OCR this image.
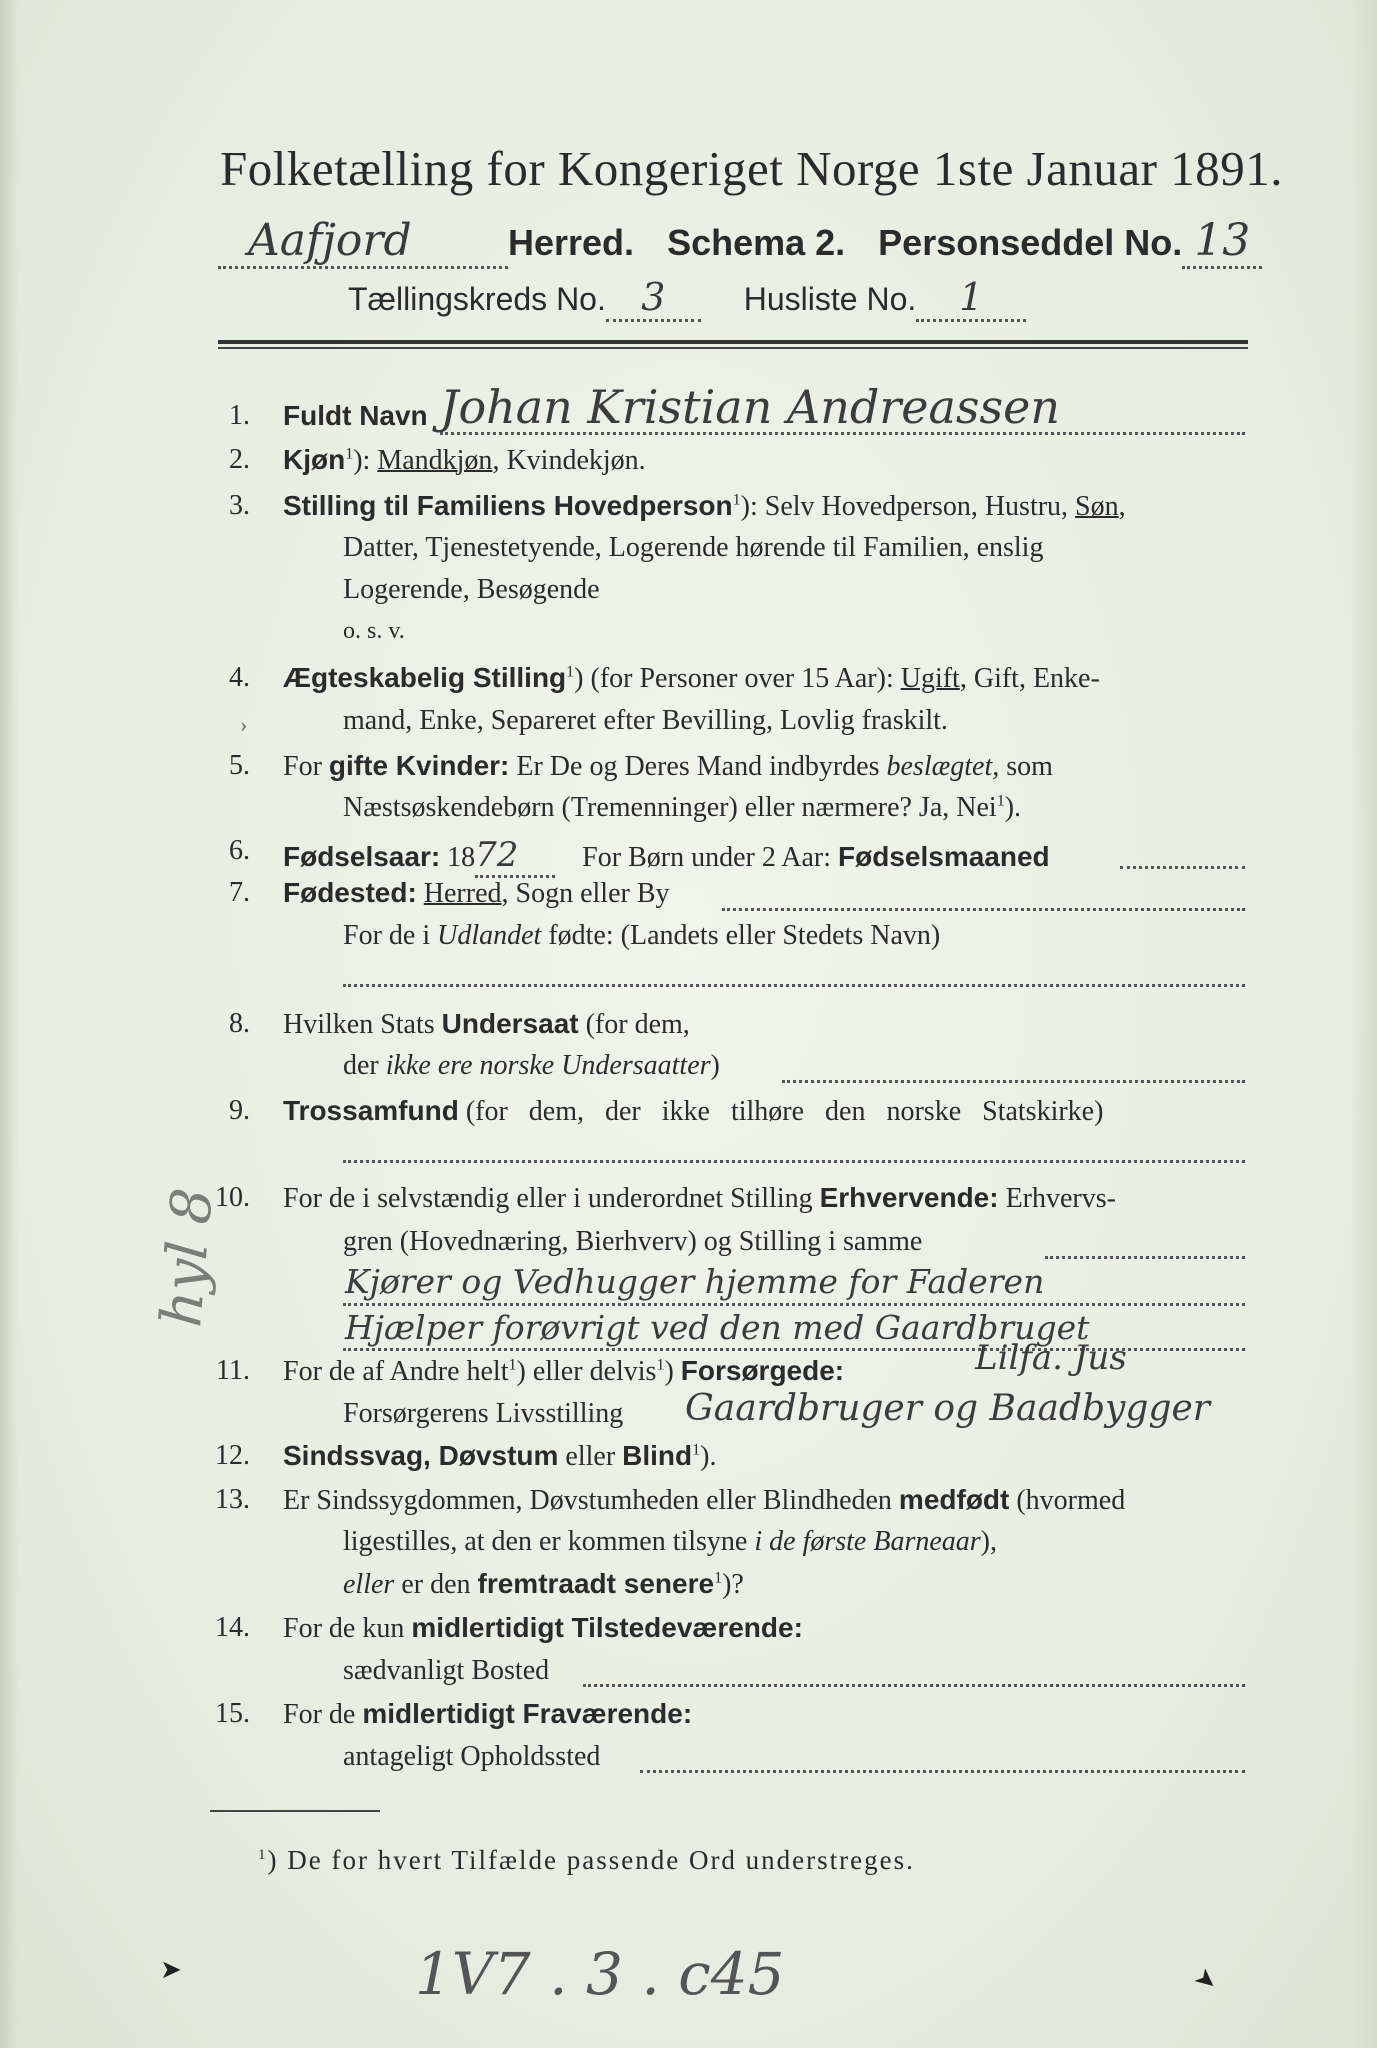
Folketælling for Kongeriget Norge 1ste Januar 1891.
Aafjord	Herred. Schema 2. Personseddel No. 13
Tællingskreds No. 3 Husliste No. 1
1. Fuldt Navn Johan Kristian Andreassen
2. Kjøn$^1$): Mandkjøn, Kvindekjøn.
3. Stilling til Familiens Hovedperson$^1$): Selv Hovedperson, Hustru, Søn,
Datter, Tjenestetyende, Logerende hørende til Familien, enslig
Logerende, Besøgende
o. s. v.
4. Ægteskabelig Stilling$^1$) (for Personer over 15 Aar): Ugift, Gift, Enke-
›	mand, Enke, Separeret efter Bevilling, Lovlig fraskilt.
5. For gifte Kvinder: Er De og Deres Mand indbyrdes beslægtet, som
Næstsøskendebørn (Tremenninger) eller nærmere? Ja, Nei$^1$).
6. Fødselsaar: 1872 For Børn under 2 Aar: Fødselsmaaned
7. Fødested: Herred, Sogn eller By
For de i Udlandet fødte: (Landets eller Stedets Navn)
8. Hvilken Stats Undersaat (for dem,
der ikke ere norske Undersaatter)
9. Trossamfund (for dem, der ikke tilhøre den norske Statskirke)
10. For de i selvstændig eller i underordnet Stilling Erhvervende: Erhvervs-
gren (Hovednæring, Bierhverv) og Stilling i samme
Kjører og Vedhugger hjemme for Faderen
Hjælper forøvrigt ved den med Gaardbruget
11. For de af Andre helt$^1$) eller delvis$^1$) Forsørgede:	Lilfa. Jus
Forsørgerens Livsstilling Gaardbruger og Baadbygger
12. Sindssvag, Døvstum eller Blind$^1$).
13. Er Sindssygdommen, Døvstumheden eller Blindheden medfødt (hvormed
ligestilles, at den er kommen tilsyne i de første Barneaar),
eller er den fremtraadt senere$^1$)?
14. For de kun midlertidigt Tilstedeværende:
sædvanligt Bosted
15. For de midlertidigt Fraværende:
antageligt Opholdssted
$^1$) De for hvert Tilfælde passende Ord understreges.
hyl 8
1V7 . 3 . c45
➤	➤
